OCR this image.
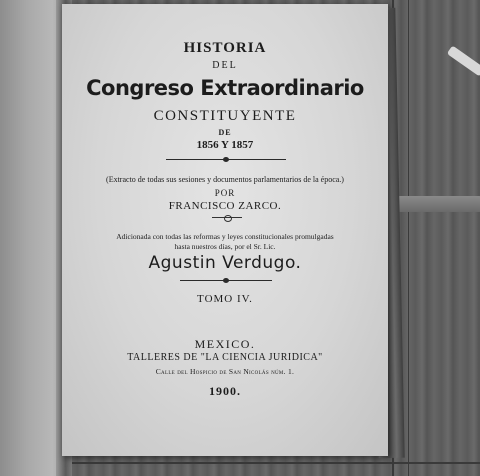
HISTORIA
DEL
Congreso Extraordinario
CONSTITUYENTE
DE
1856 Y 1857
(Extracto de todas sus sesiones y documentos parlamentarios de la época.)
POR
FRANCISCO ZARCO.
Adicionada con todas las reformas y leyes constitucionales promulgadas
hasta nuestros días, por el Sr. Lic.
Agustin Verdugo.
TOMO IV.
MEXICO.
TALLERES DE "LA CIENCIA JURIDICA"
Calle del Hospicio de San Nicolás núm. 1.
1900.
